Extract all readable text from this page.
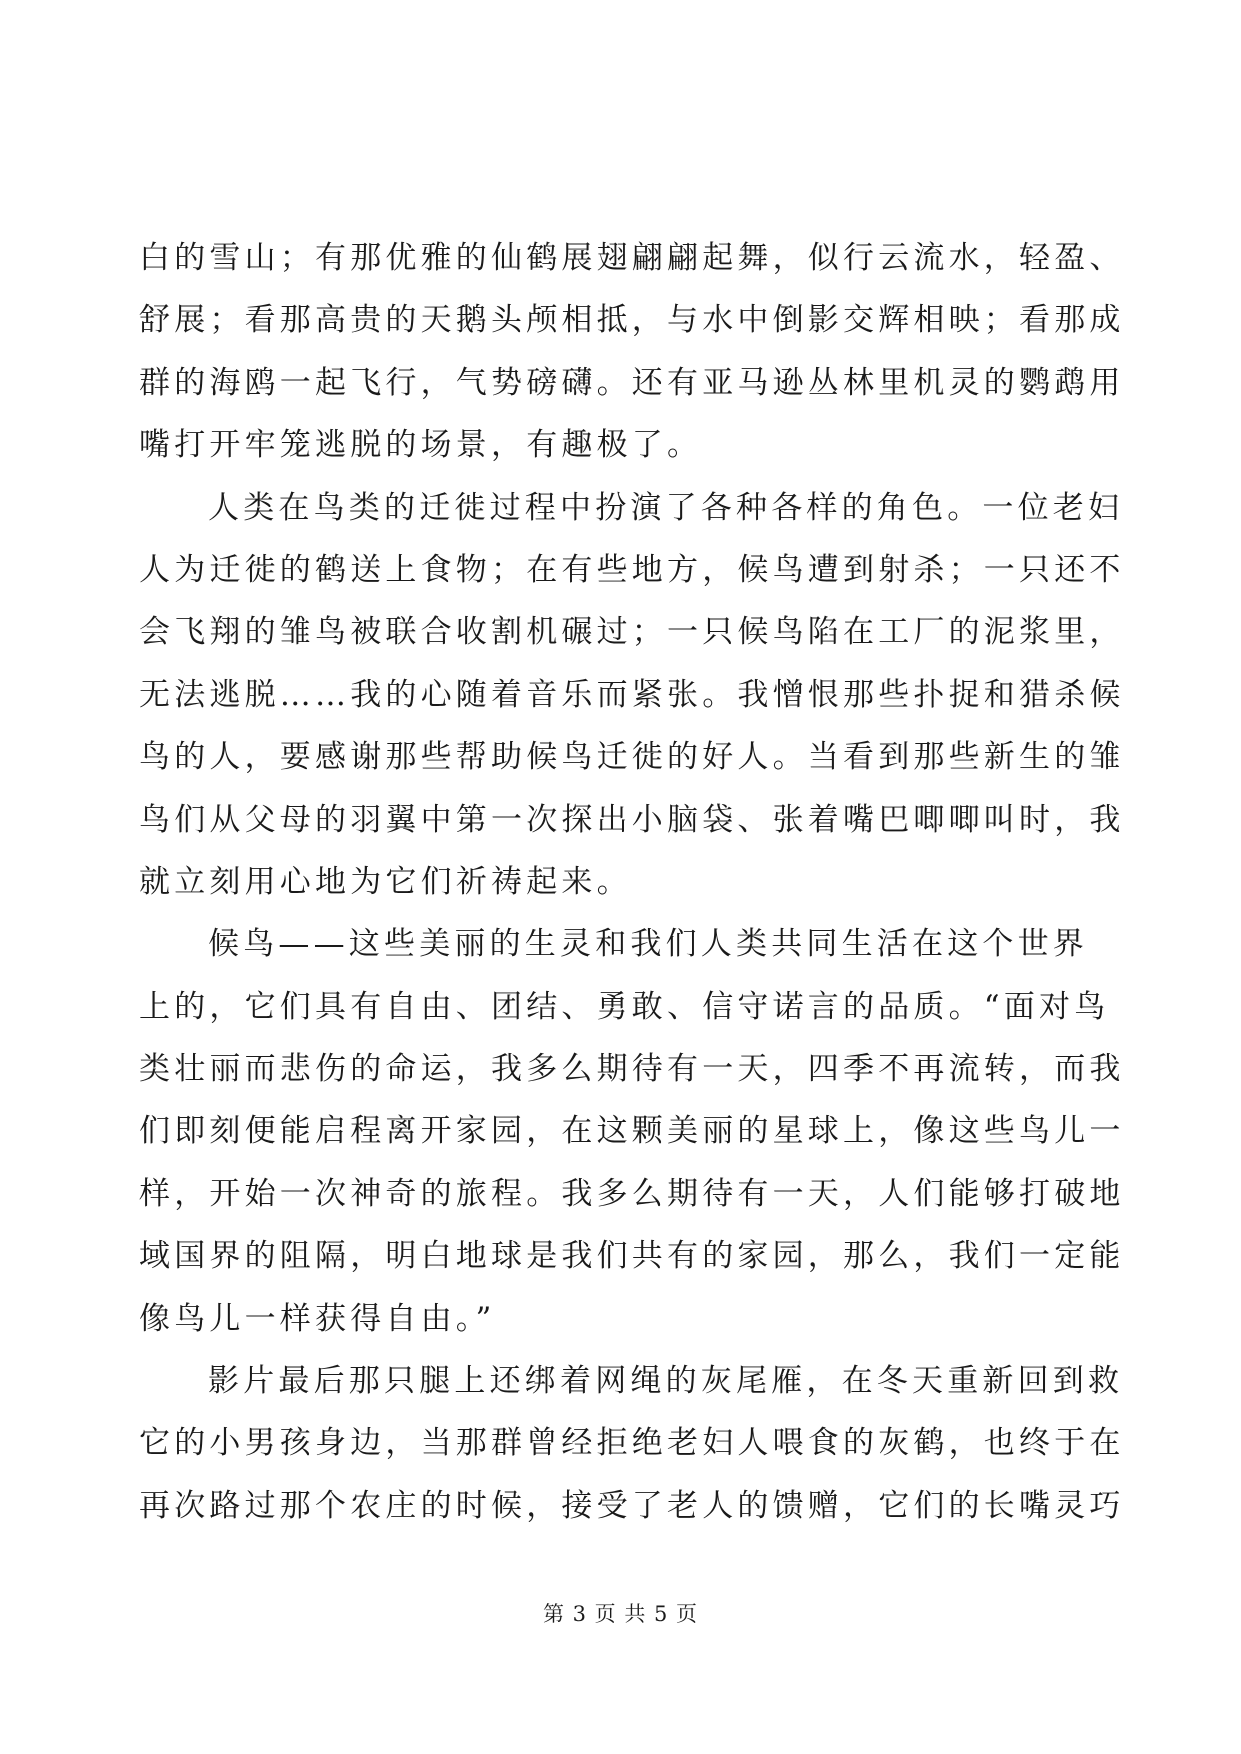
白的雪山；有那优雅的仙鹤展翅翩翩起舞，似行云流水，轻盈、
舒展；看那高贵的天鹅头颅相抵，与水中倒影交辉相映；看那成
群的海鸥一起飞行，气势磅礴。还有亚马逊丛林里机灵的鹦鹉用
嘴打开牢笼逃脱的场景，有趣极了。
人类在鸟类的迁徙过程中扮演了各种各样的角色。一位老妇
人为迁徙的鹤送上食物；在有些地方，候鸟遭到射杀；一只还不
会飞翔的雏鸟被联合收割机碾过；一只候鸟陷在工厂的泥浆里，
无法逃脱……我的心随着音乐而紧张。我憎恨那些扑捉和猎杀候
鸟的人，要感谢那些帮助候鸟迁徙的好人。当看到那些新生的雏
鸟们从父母的羽翼中第一次探出小脑袋、张着嘴巴唧唧叫时，我
就立刻用心地为它们祈祷起来。
候鸟——这些美丽的生灵和我们人类共同生活在这个世界
上的，它们具有自由、团结、勇敢、信守诺言的品质。“面对鸟
类壮丽而悲伤的命运，我多么期待有一天，四季不再流转，而我
们即刻便能启程离开家园，在这颗美丽的星球上，像这些鸟儿一
样，开始一次神奇的旅程。我多么期待有一天，人们能够打破地
域国界的阻隔，明白地球是我们共有的家园，那么，我们一定能
像鸟儿一样获得自由。”
影片最后那只腿上还绑着网绳的灰尾雁，在冬天重新回到救
它的小男孩身边，当那群曾经拒绝老妇人喂食的灰鹤，也终于在
再次路过那个农庄的时候，接受了老人的馈赠，它们的长嘴灵巧
第 3 页 共 5 页
